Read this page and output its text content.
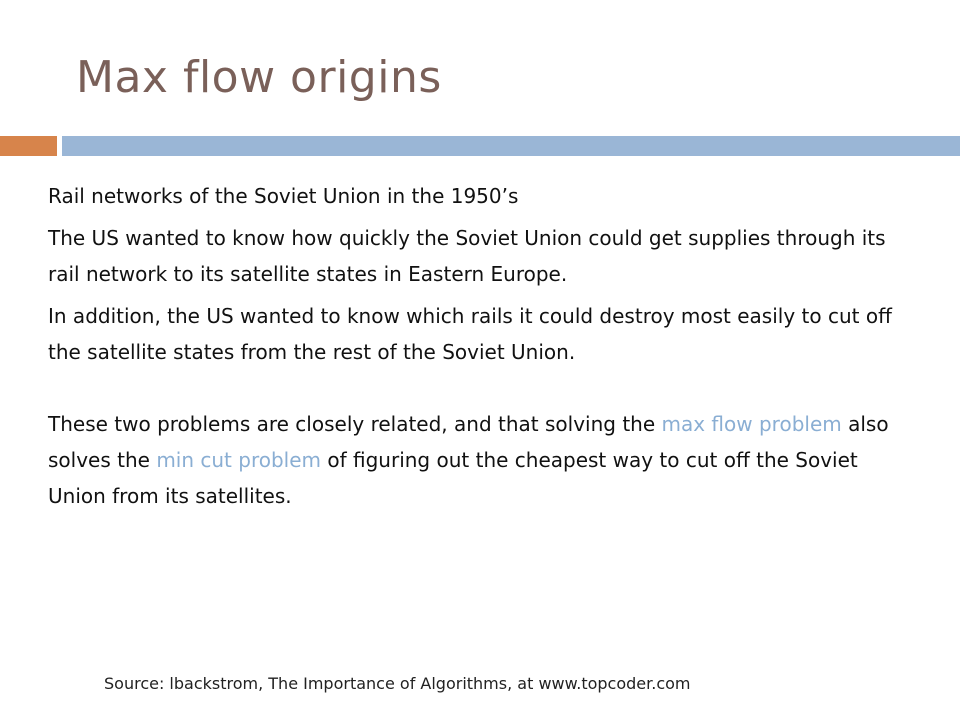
Max flow origins

Rail networks of the Soviet Union in the 1950’s

The US wanted to know how quickly the Soviet Union could get supplies through its rail network to its satellite states in Eastern Europe.

In addition, the US wanted to know which rails it could destroy most easily to cut off the satellite states from the rest of the Soviet Union.

These two problems are closely related, and that solving the max flow problem also solves the min cut problem of figuring out the cheapest way to cut off the Soviet Union from its satellites.

Source: lbackstrom, The Importance of Algorithms, at www.topcoder.com
